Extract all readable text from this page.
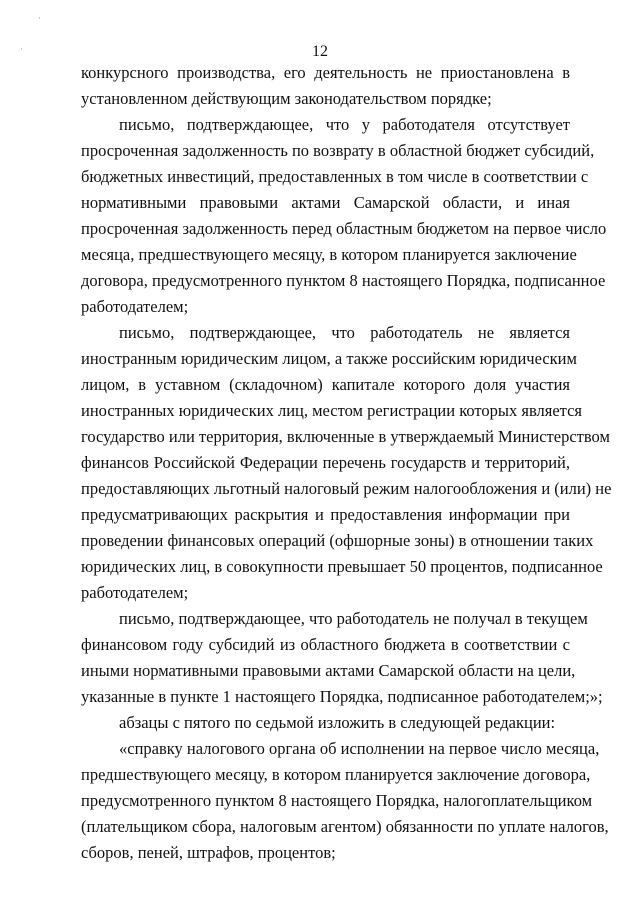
·
·	12
конкурсного производства, его деятельность не приостановлена в
установленном действующим законодательством порядке;
письмо, подтверждающее, что у работодателя отсутствует
просроченная задолженность по возврату в областной бюджет субсидий,
бюджетных инвестиций, предоставленных в том числе в соответствии с
нормативными правовыми актами Самарской области, и иная
просроченная задолженность перед областным бюджетом на первое число
месяца, предшествующего месяцу, в котором планируется заключение
договора, предусмотренного пунктом 8 настоящего Порядка, подписанное
работодателем;
письмо, подтверждающее, что работодатель не является
иностранным юридическим лицом, а также российским юридическим
лицом, в уставном (складочном) капитале которого доля участия
иностранных юридических лиц, местом регистрации которых является
государство или территория, включенные в утверждаемый Министерством
финансов Российской Федерации перечень государств и территорий,
предоставляющих льготный налоговый режим налогообложения и (или) не
предусматривающих раскрытия и предоставления информации при
проведении финансовых операций (офшорные зоны) в отношении таких
юридических лиц, в совокупности превышает 50 процентов, подписанное
работодателем;
письмо, подтверждающее, что работодатель не получал в текущем
финансовом году субсидий из областного бюджета в соответствии с
иными нормативными правовыми актами Самарской области на цели,
указанные в пункте 1 настоящего Порядка, подписанное работодателем;»;
абзацы с пятого по седьмой изложить в следующей редакции:
«справку налогового органа об исполнении на первое число месяца,
предшествующего месяцу, в котором планируется заключение договора,
предусмотренного пунктом 8 настоящего Порядка, налогоплательщиком
(плательщиком сбора, налоговым агентом) обязанности по уплате налогов,
сборов, пеней, штрафов, процентов;
